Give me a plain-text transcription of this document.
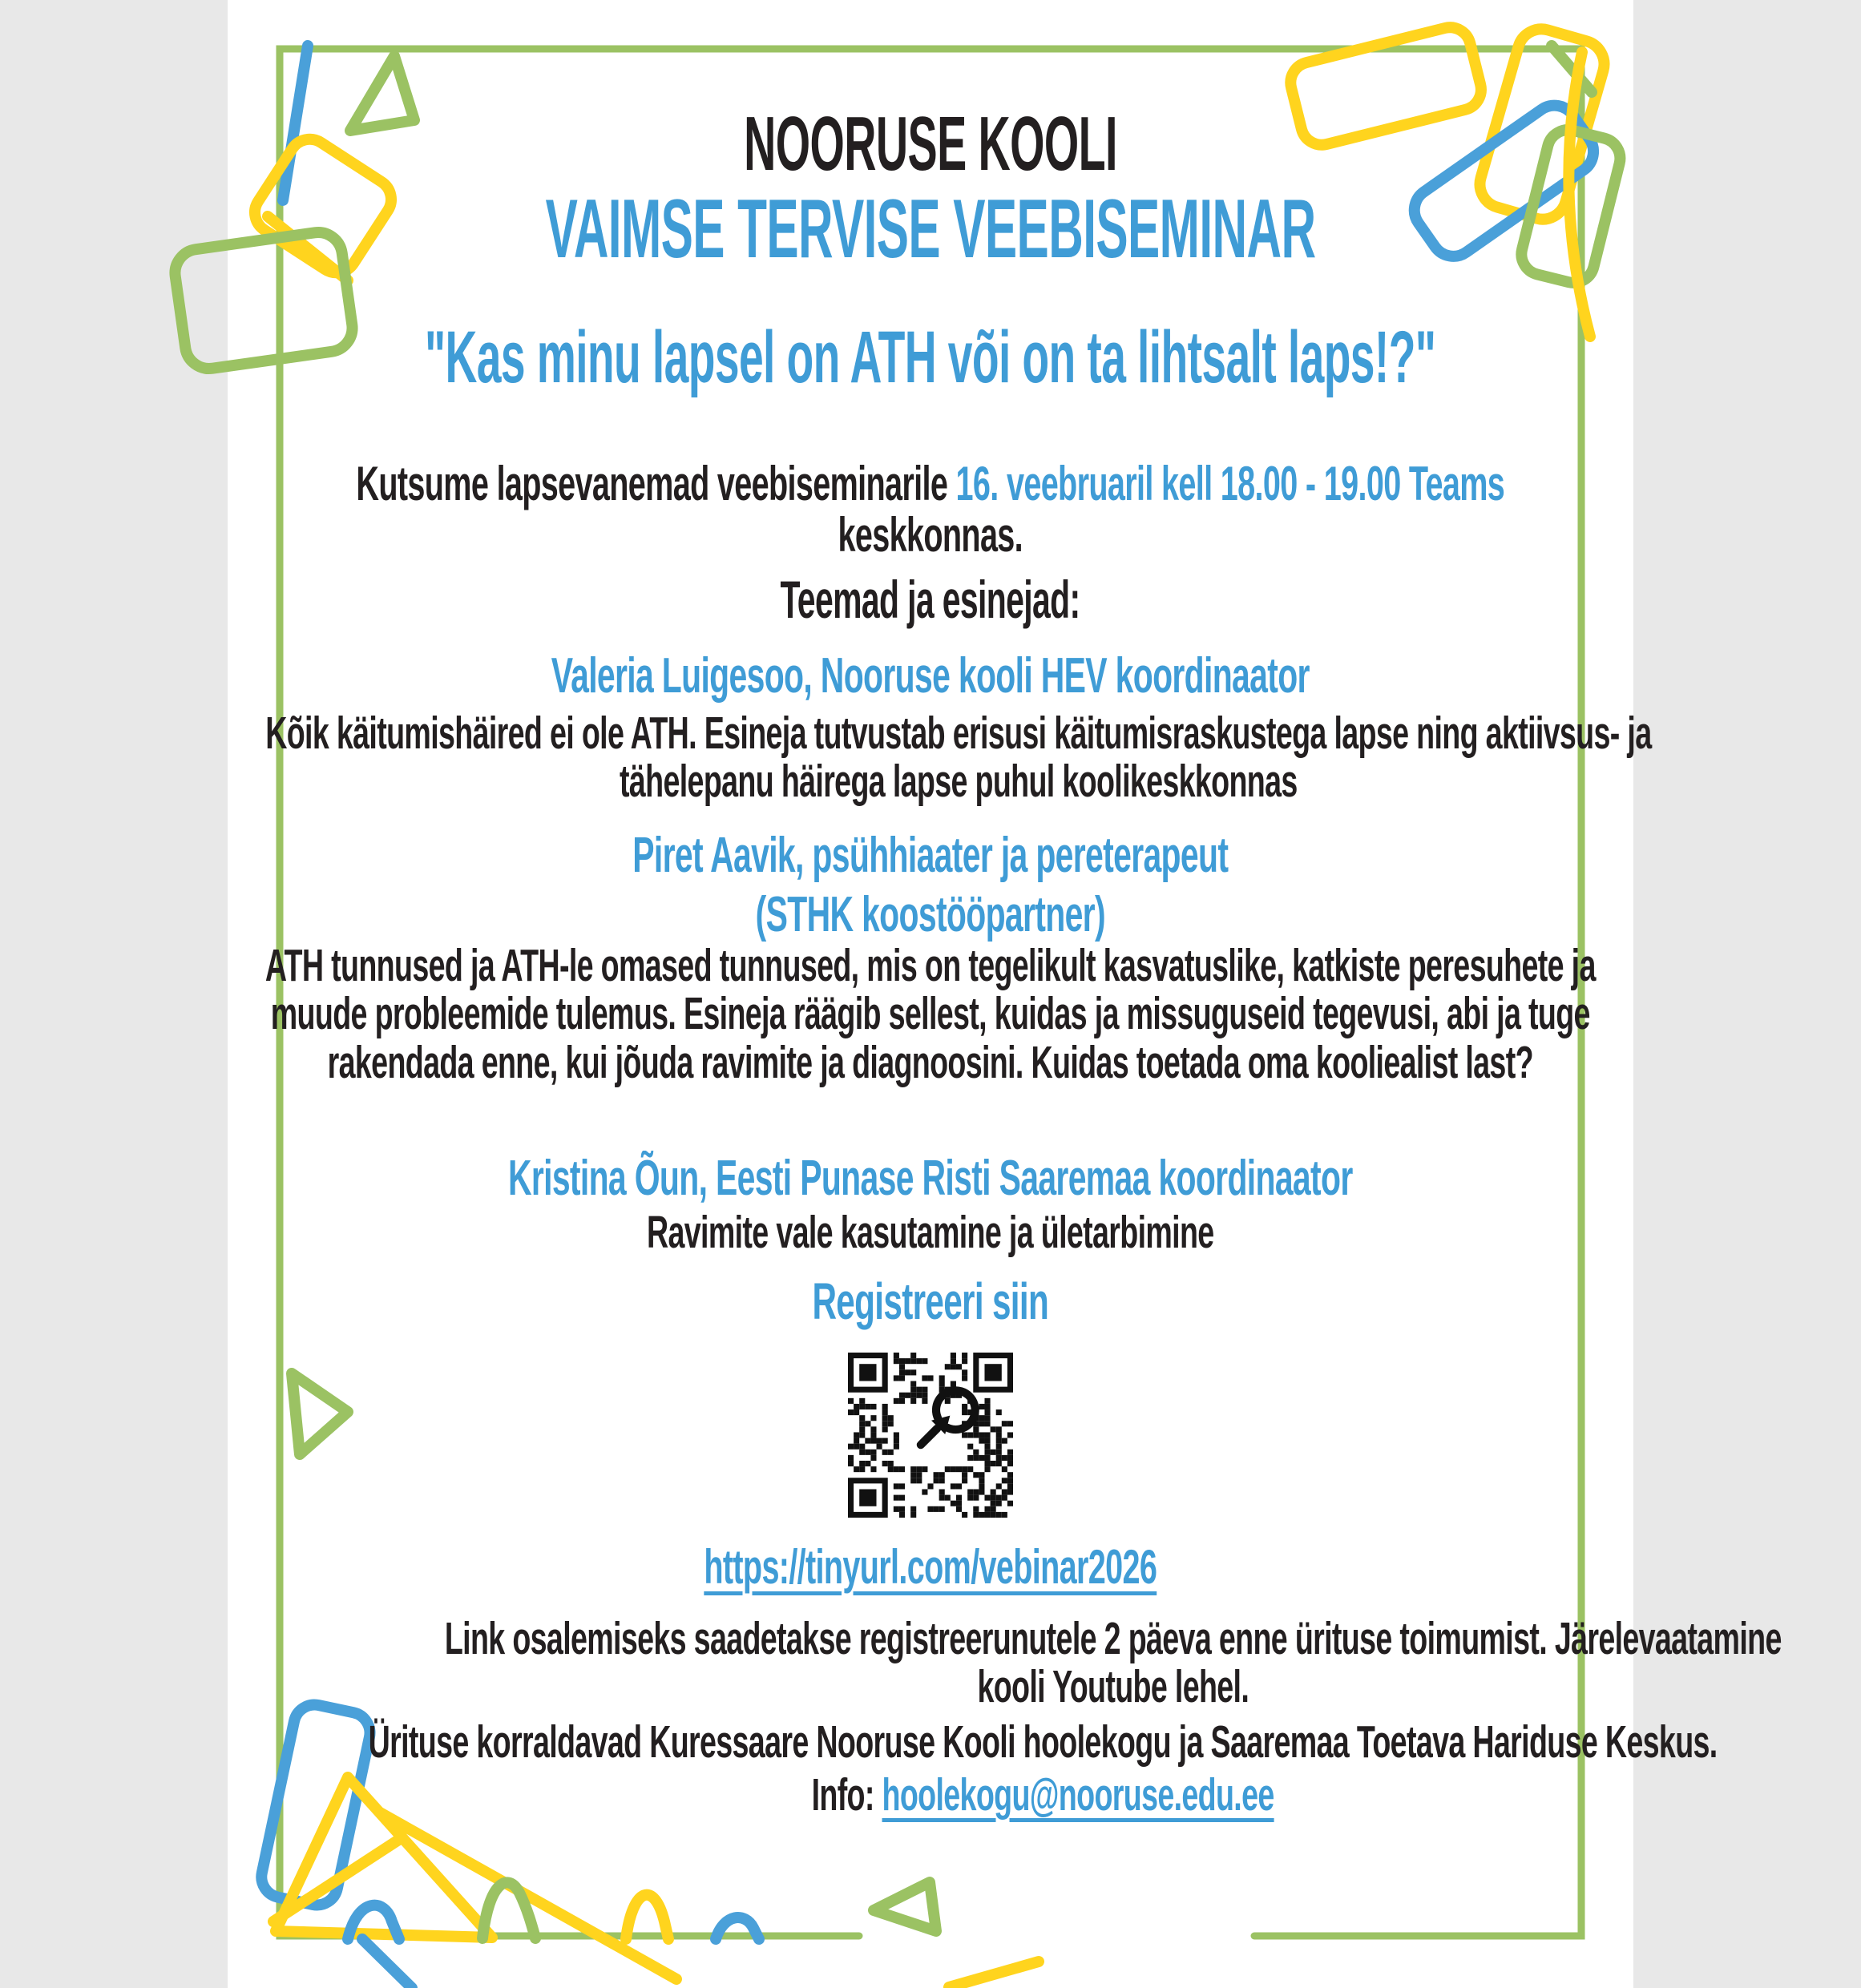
NOORUSE KOOLI
VAIMSE TERVISE VEEBISEMINAR
"Kas minu lapsel on ATH või on ta lihtsalt laps!?"
Kutsume lapsevanemad veebiseminarile 16. veebruaril kell 18.00 - 19.00 Teams
keskkonnas.
Teemad ja esinejad:
Valeria Luigesoo, Nooruse kooli HEV koordinaator
Kõik käitumishäired ei ole ATH. Esineja tutvustab erisusi käitumisraskustega lapse ning aktiivsus- ja tähelepanu häirega lapse puhul koolikeskkonnas
Piret Aavik, psühhiaater ja pereterapeut
(STHK koostööpartner)
ATH tunnused ja ATH-le omased tunnused, mis on tegelikult kasvatuslike, katkiste peresuhete ja muude probleemide tulemus. Esineja räägib sellest, kuidas ja missuguseid tegevusi, abi ja tuge rakendada enne, kui jõuda ravimite ja diagnoosini. Kuidas toetada oma kooliealist last?
Kristina Õun, Eesti Punase Risti Saaremaa koordinaator
Ravimite vale kasutamine ja ületarbimine
Registreeri siin
https://tinyurl.com/vebinar2026
Link osalemiseks saadetakse registreerunutele 2 päeva enne ürituse toimumist. Järelevaatamine kooli Youtube lehel.
Ürituse korraldavad Kuressaare Nooruse Kooli hoolekogu ja Saaremaa Toetava Hariduse Keskus. Info: hoolekogu@nooruse.edu.ee
